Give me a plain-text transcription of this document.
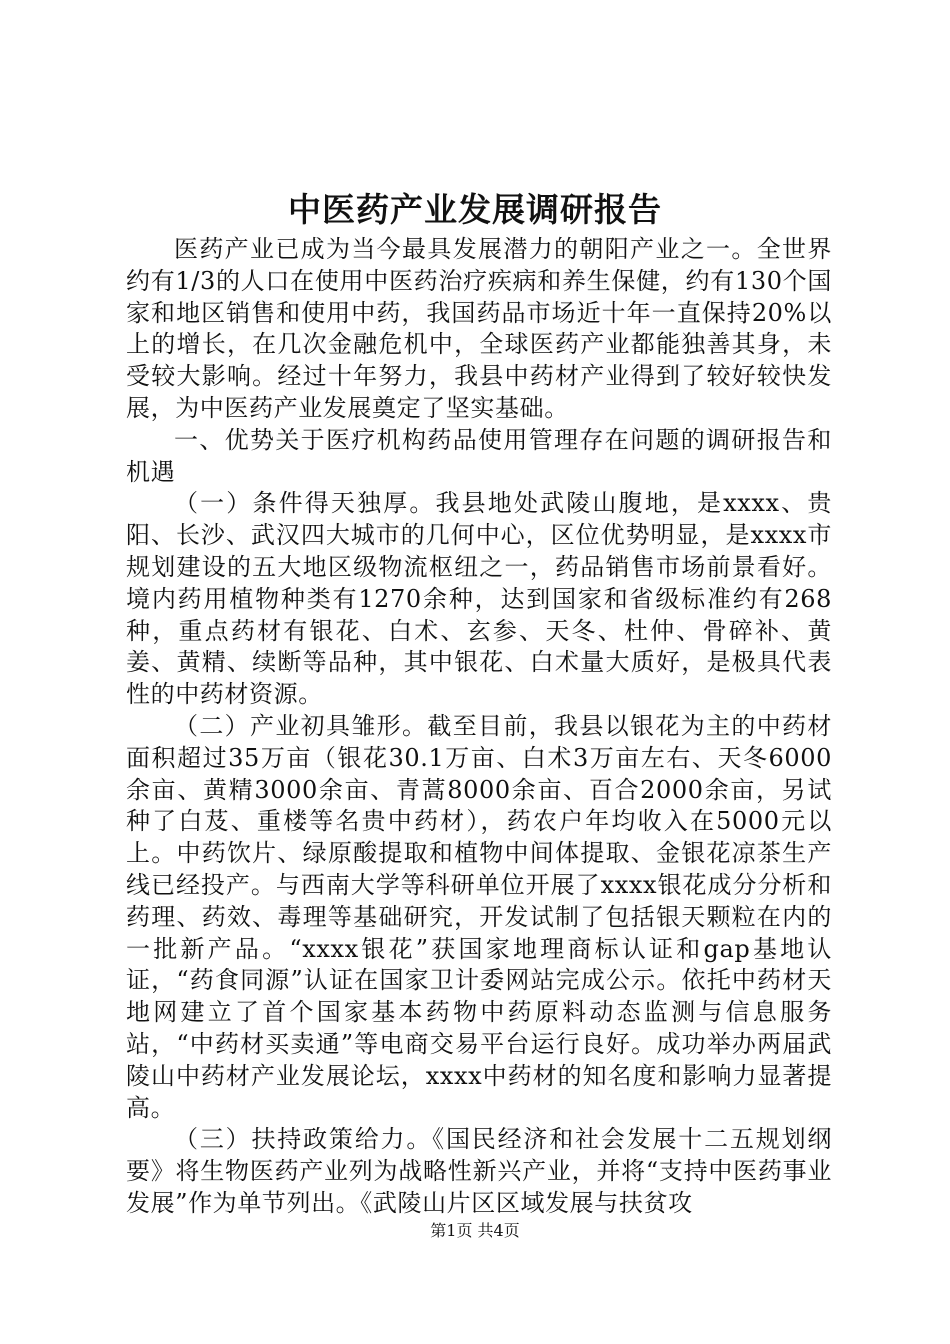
中医药产业发展调研报告

医药产业已成为当今最具发展潜力的朝阳产业之一。全世界约有1/3的人口在使用中医药治疗疾病和养生保健，约有130个国家和地区销售和使用中药，我国药品市场近十年一直保持20%以上的增长，在几次金融危机中，全球医药产业都能独善其身，未受较大影响。经过十年努力，我县中药材产业得到了较好较快发展，为中医药产业发展奠定了坚实基础。

一、优势关于医疗机构药品使用管理存在问题的调研报告和机遇

（一）条件得天独厚。我县地处武陵山腹地，是xxxx、贵阳、长沙、武汉四大城市的几何中心，区位优势明显，是xxxx市规划建设的五大地区级物流枢纽之一，药品销售市场前景看好。境内药用植物种类有1270余种，达到国家和省级标准约有268种，重点药材有银花、白术、玄参、天冬、杜仲、骨碎补、黄姜、黄精、续断等品种，其中银花、白术量大质好，是极具代表性的中药材资源。

（二）产业初具雏形。截至目前，我县以银花为主的中药材面积超过35万亩（银花30.1万亩、白术3万亩左右、天冬6000余亩、黄精3000余亩、青蒿8000余亩、百合2000余亩，另试种了白芨、重楼等名贵中药材），药农户年均收入在5000元以上。中药饮片、绿原酸提取和植物中间体提取、金银花凉茶生产线已经投产。与西南大学等科研单位开展了xxxx银花成分分析和药理、药效、毒理等基础研究，开发试制了包括银天颗粒在内的一批新产品。“xxxx银花”获国家地理商标认证和gap基地认证，“药食同源”认证在国家卫计委网站完成公示。依托中药材天地网建立了首个国家基本药物中药原料动态监测与信息服务站，“中药材买卖通”等电商交易平台运行良好。成功举办两届武陵山中药材产业发展论坛，xxxx中药材的知名度和影响力显著提高。

（三）扶持政策给力。《国民经济和社会发展十二五规划纲要》将生物医药产业列为战略性新兴产业，并将“支持中医药事业发展”作为单节列出。《武陵山片区区域发展与扶贫攻

第1页 共4页
